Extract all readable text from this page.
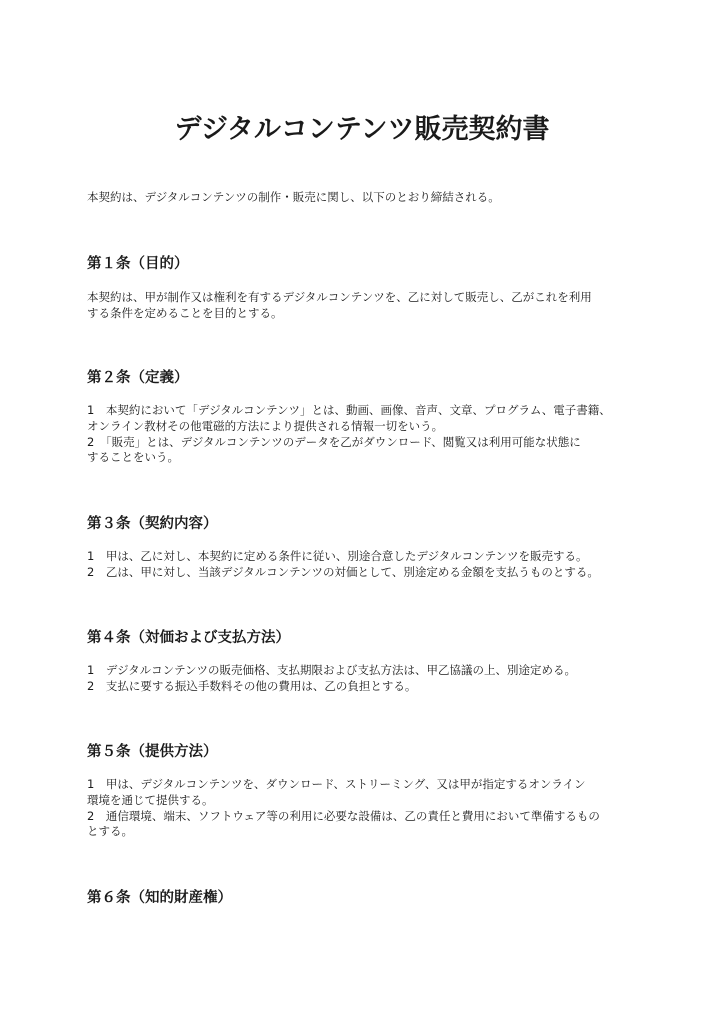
デジタルコンテンツ販売契約書
本契約は、デジタルコンテンツの制作・販売に関し、以下のとおり締結される。
第１条（目的）
本契約は、甲が制作又は権利を有するデジタルコンテンツを、乙に対して販売し、乙がこれを利用
する条件を定めることを目的とする。
第２条（定義）
1　本契約において「デジタルコンテンツ」とは、動画、画像、音声、文章、プログラム、電子書籍、
オンライン教材その他電磁的方法により提供される情報一切をいう。
2　「販売」とは、デジタルコンテンツのデータを乙がダウンロード、閲覧又は利用可能な状態に
することをいう。
第３条（契約内容）
1　甲は、乙に対し、本契約に定める条件に従い、別途合意したデジタルコンテンツを販売する。
2　乙は、甲に対し、当該デジタルコンテンツの対価として、別途定める金額を支払うものとする。
第４条（対価および支払方法）
1　デジタルコンテンツの販売価格、支払期限および支払方法は、甲乙協議の上、別途定める。
2　支払に要する振込手数料その他の費用は、乙の負担とする。
第５条（提供方法）
1　甲は、デジタルコンテンツを、ダウンロード、ストリーミング、又は甲が指定するオンライン
環境を通じて提供する。
2　通信環境、端末、ソフトウェア等の利用に必要な設備は、乙の責任と費用において準備するもの
とする。
第６条（知的財産権）
